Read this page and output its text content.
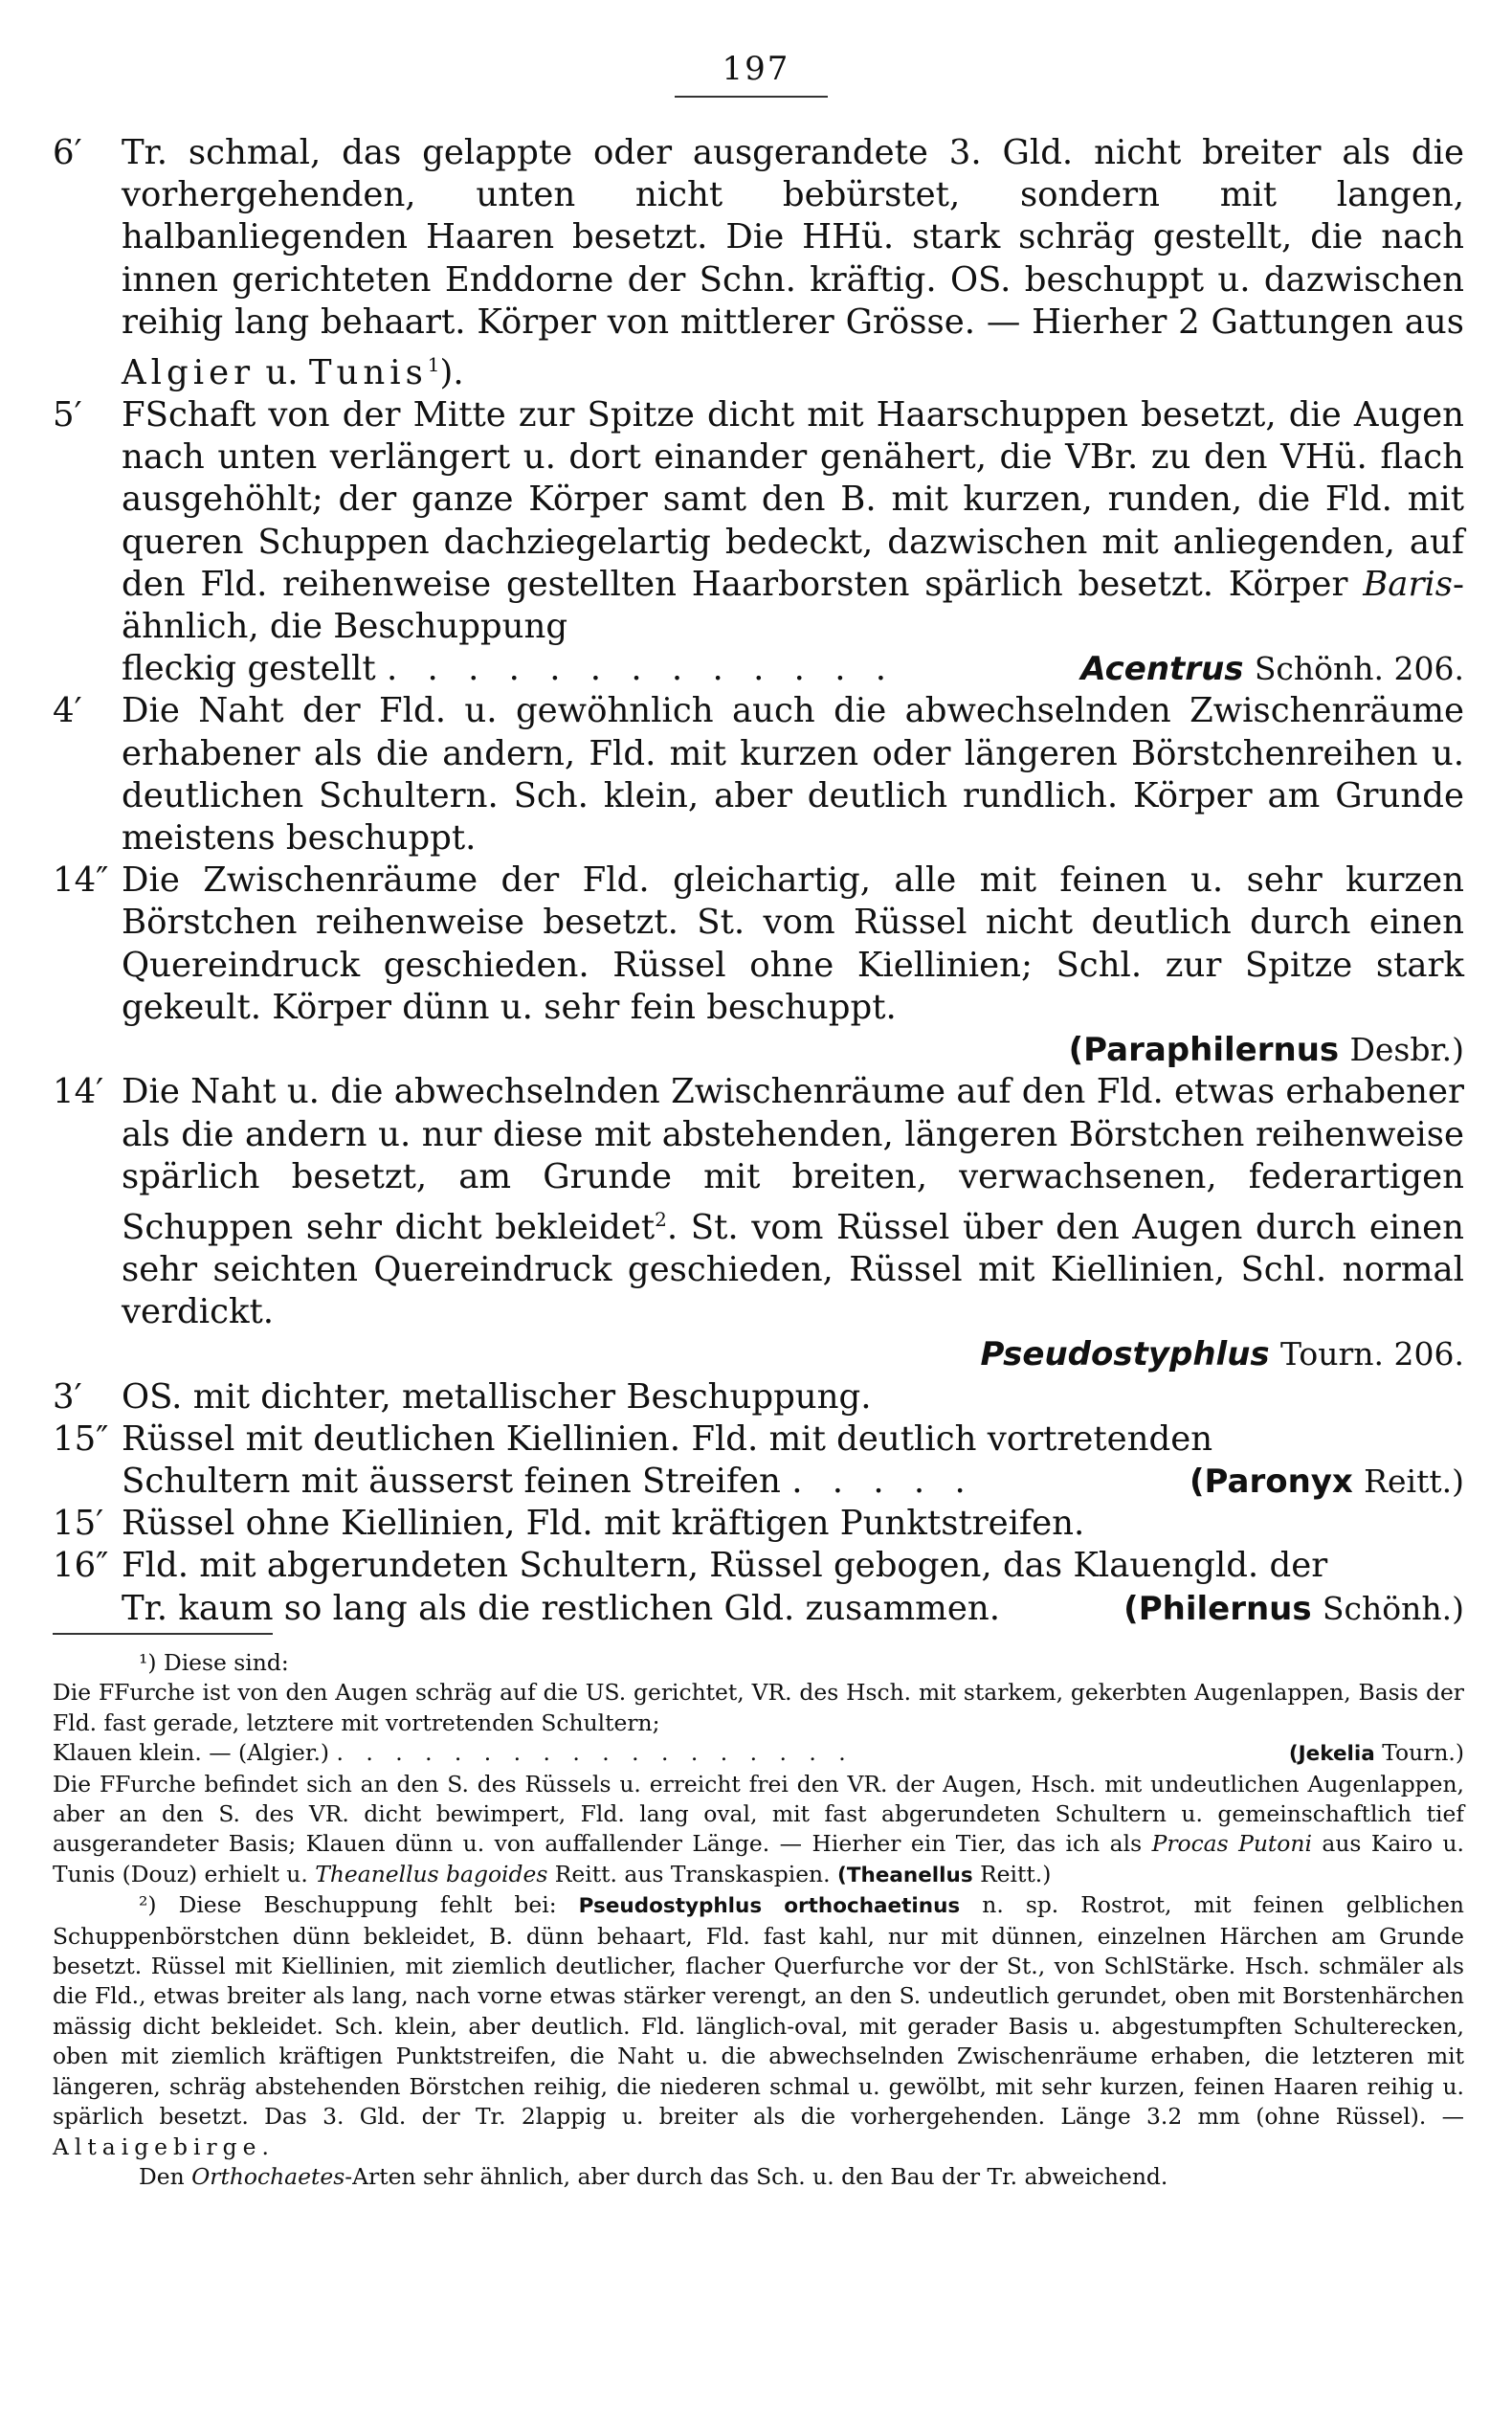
197

6′ Tr. schmal, das gelappte oder ausgerandete 3. Gld. nicht breiter als die vorhergehenden, unten nicht bebürstet, sondern mit langen, halbanliegenden Haaren besetzt. Die HHü. stark schräg gestellt, die nach innen gerichteten Enddorne der Schn. kräftig. OS. beschuppt u. dazwischen reihig lang behaart. Körper von mittlerer Grösse. — Hierher 2 Gattungen aus Algier u. Tunis$^1$).

5′ FSchaft von der Mitte zur Spitze dicht mit Haarschuppen besetzt, die Augen nach unten verlängert u. dort einander genähert, die VBr. zu den VHü. flach ausgehöhlt; der ganze Körper samt den B. mit kurzen, runden, die Fld. mit queren Schuppen dachziegelartig bedeckt, dazwischen mit anliegenden, auf den Fld. reihenweise gestellten Haarborsten spärlich besetzt. Körper Baris-ähnlich, die Beschuppung
fleckig gestellt . . . . . . . . . . . . .	Acentrus
Schönh. 206.

4′ Die Naht der Fld. u. gewöhnlich auch die abwechselnden Zwischenräume erhabener als die andern, Fld. mit kurzen oder längeren Börstchenreihen u. deutlichen Schultern. Sch. klein, aber deutlich rundlich. Körper am Grunde meistens beschuppt.

14″ Die Zwischenräume der Fld. gleichartig, alle mit feinen u. sehr kurzen Börstchen reihenweise besetzt. St. vom Rüssel nicht deutlich durch einen Quereindruck geschieden. Rüssel ohne Kiellinien; Schl. zur Spitze stark gekeult. Körper dünn u. sehr fein beschuppt.
(Paraphilernus Desbr.)

14′ Die Naht u. die abwechselnden Zwischenräume auf den Fld. etwas erhabener als die andern u. nur diese mit abstehenden, längeren Börstchen reihenweise spärlich besetzt, am Grunde mit breiten, verwachsenen, federartigen Schuppen sehr dicht bekleidet$^2$. St. vom Rüssel über den Augen durch einen sehr seichten Quereindruck geschieden, Rüssel mit Kiellinien, Schl. normal verdickt.
Pseudostyphlus Tourn. 206.

3′ OS. mit dichter, metallischer Beschuppung.

15″ Rüssel mit deutlichen Kiellinien. Fld. mit deutlich vortretenden
Schultern mit äusserst feinen Streifen . . . . .	(Paronyx
Reitt.)

15′ Rüssel ohne Kiellinien, Fld. mit kräftigen Punktstreifen.

16″ Fld. mit abgerundeten Schultern, Rüssel gebogen, das Klauengld. der
Tr. kaum so lang als die restlichen Gld. zusammen.	(Philernus
Schönh.)

¹) Diese sind:

Die FFurche ist von den Augen schräg auf die US. gerichtet, VR. des Hsch. mit starkem, gekerbten Augenlappen, Basis der Fld. fast gerade, letztere mit vortretenden Schultern;

Klauen klein. — (Algier.) . . . . . . . . . . . . . . . . . .	(Jekelia
Tourn.)

Die FFurche befindet sich an den S. des Rüssels u. erreicht frei den VR. der Augen, Hsch. mit undeutlichen Augenlappen, aber an den S. des VR. dicht bewimpert, Fld. lang oval, mit fast abgerundeten Schultern u. gemeinschaftlich tief ausgerandeter Basis; Klauen dünn u. von auffallender Länge. — Hierher ein Tier, das ich als Procas Putoni aus Kairo u. Tunis (Douz) erhielt u. Theanellus bagoides Reitt. aus Transkaspien. (Theanellus Reitt.)

²) Diese Beschuppung fehlt bei: Pseudostyphlus orthochaetinus n. sp. Rostrot, mit feinen gelblichen Schuppenbörstchen dünn bekleidet, B. dünn behaart, Fld. fast kahl, nur mit dünnen, einzelnen Härchen am Grunde besetzt. Rüssel mit Kiellinien, mit ziemlich deutlicher, flacher Querfurche vor der St., von SchlStärke. Hsch. schmäler als die Fld., etwas breiter als lang, nach vorne etwas stärker verengt, an den S. undeutlich gerundet, oben mit Borstenhärchen mässig dicht bekleidet. Sch. klein, aber deutlich. Fld. länglich-oval, mit gerader Basis u. abgestumpften Schulterecken, oben mit ziemlich kräftigen Punktstreifen, die Naht u. die abwechselnden Zwischenräume erhaben, die letzteren mit längeren, schräg abstehenden Börstchen reihig, die niederen schmal u. gewölbt, mit sehr kurzen, feinen Haaren reihig u. spärlich besetzt. Das 3. Gld. der Tr. 2lappig u. breiter als die vorhergehenden. Länge 3.2 mm (ohne Rüssel). — Altaigebirge.

Den Orthochaetes-Arten sehr ähnlich, aber durch das Sch. u. den Bau der Tr. abweichend.
